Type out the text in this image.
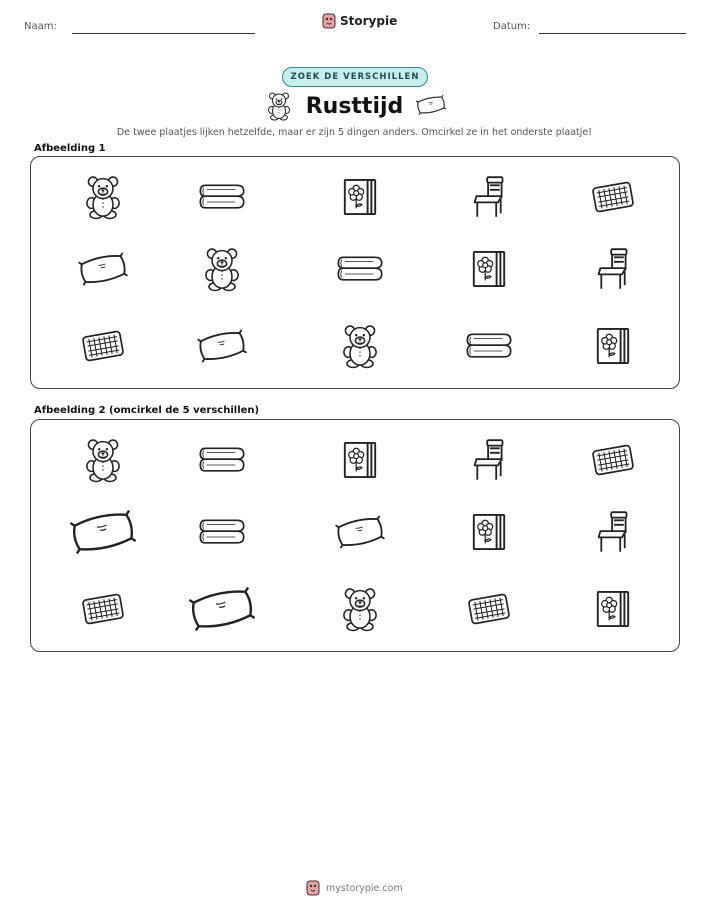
Naam:	Storypie	Datum:
ZOEK DE VERSCHILLEN
Rusttijd
De twee plaatjes lijken hetzelfde, maar er zijn 5 dingen anders. Omcirkel ze in het onderste plaatje!
Afbeelding 1
Afbeelding 2 (omcirkel de 5 verschillen)
mystorypie.com
